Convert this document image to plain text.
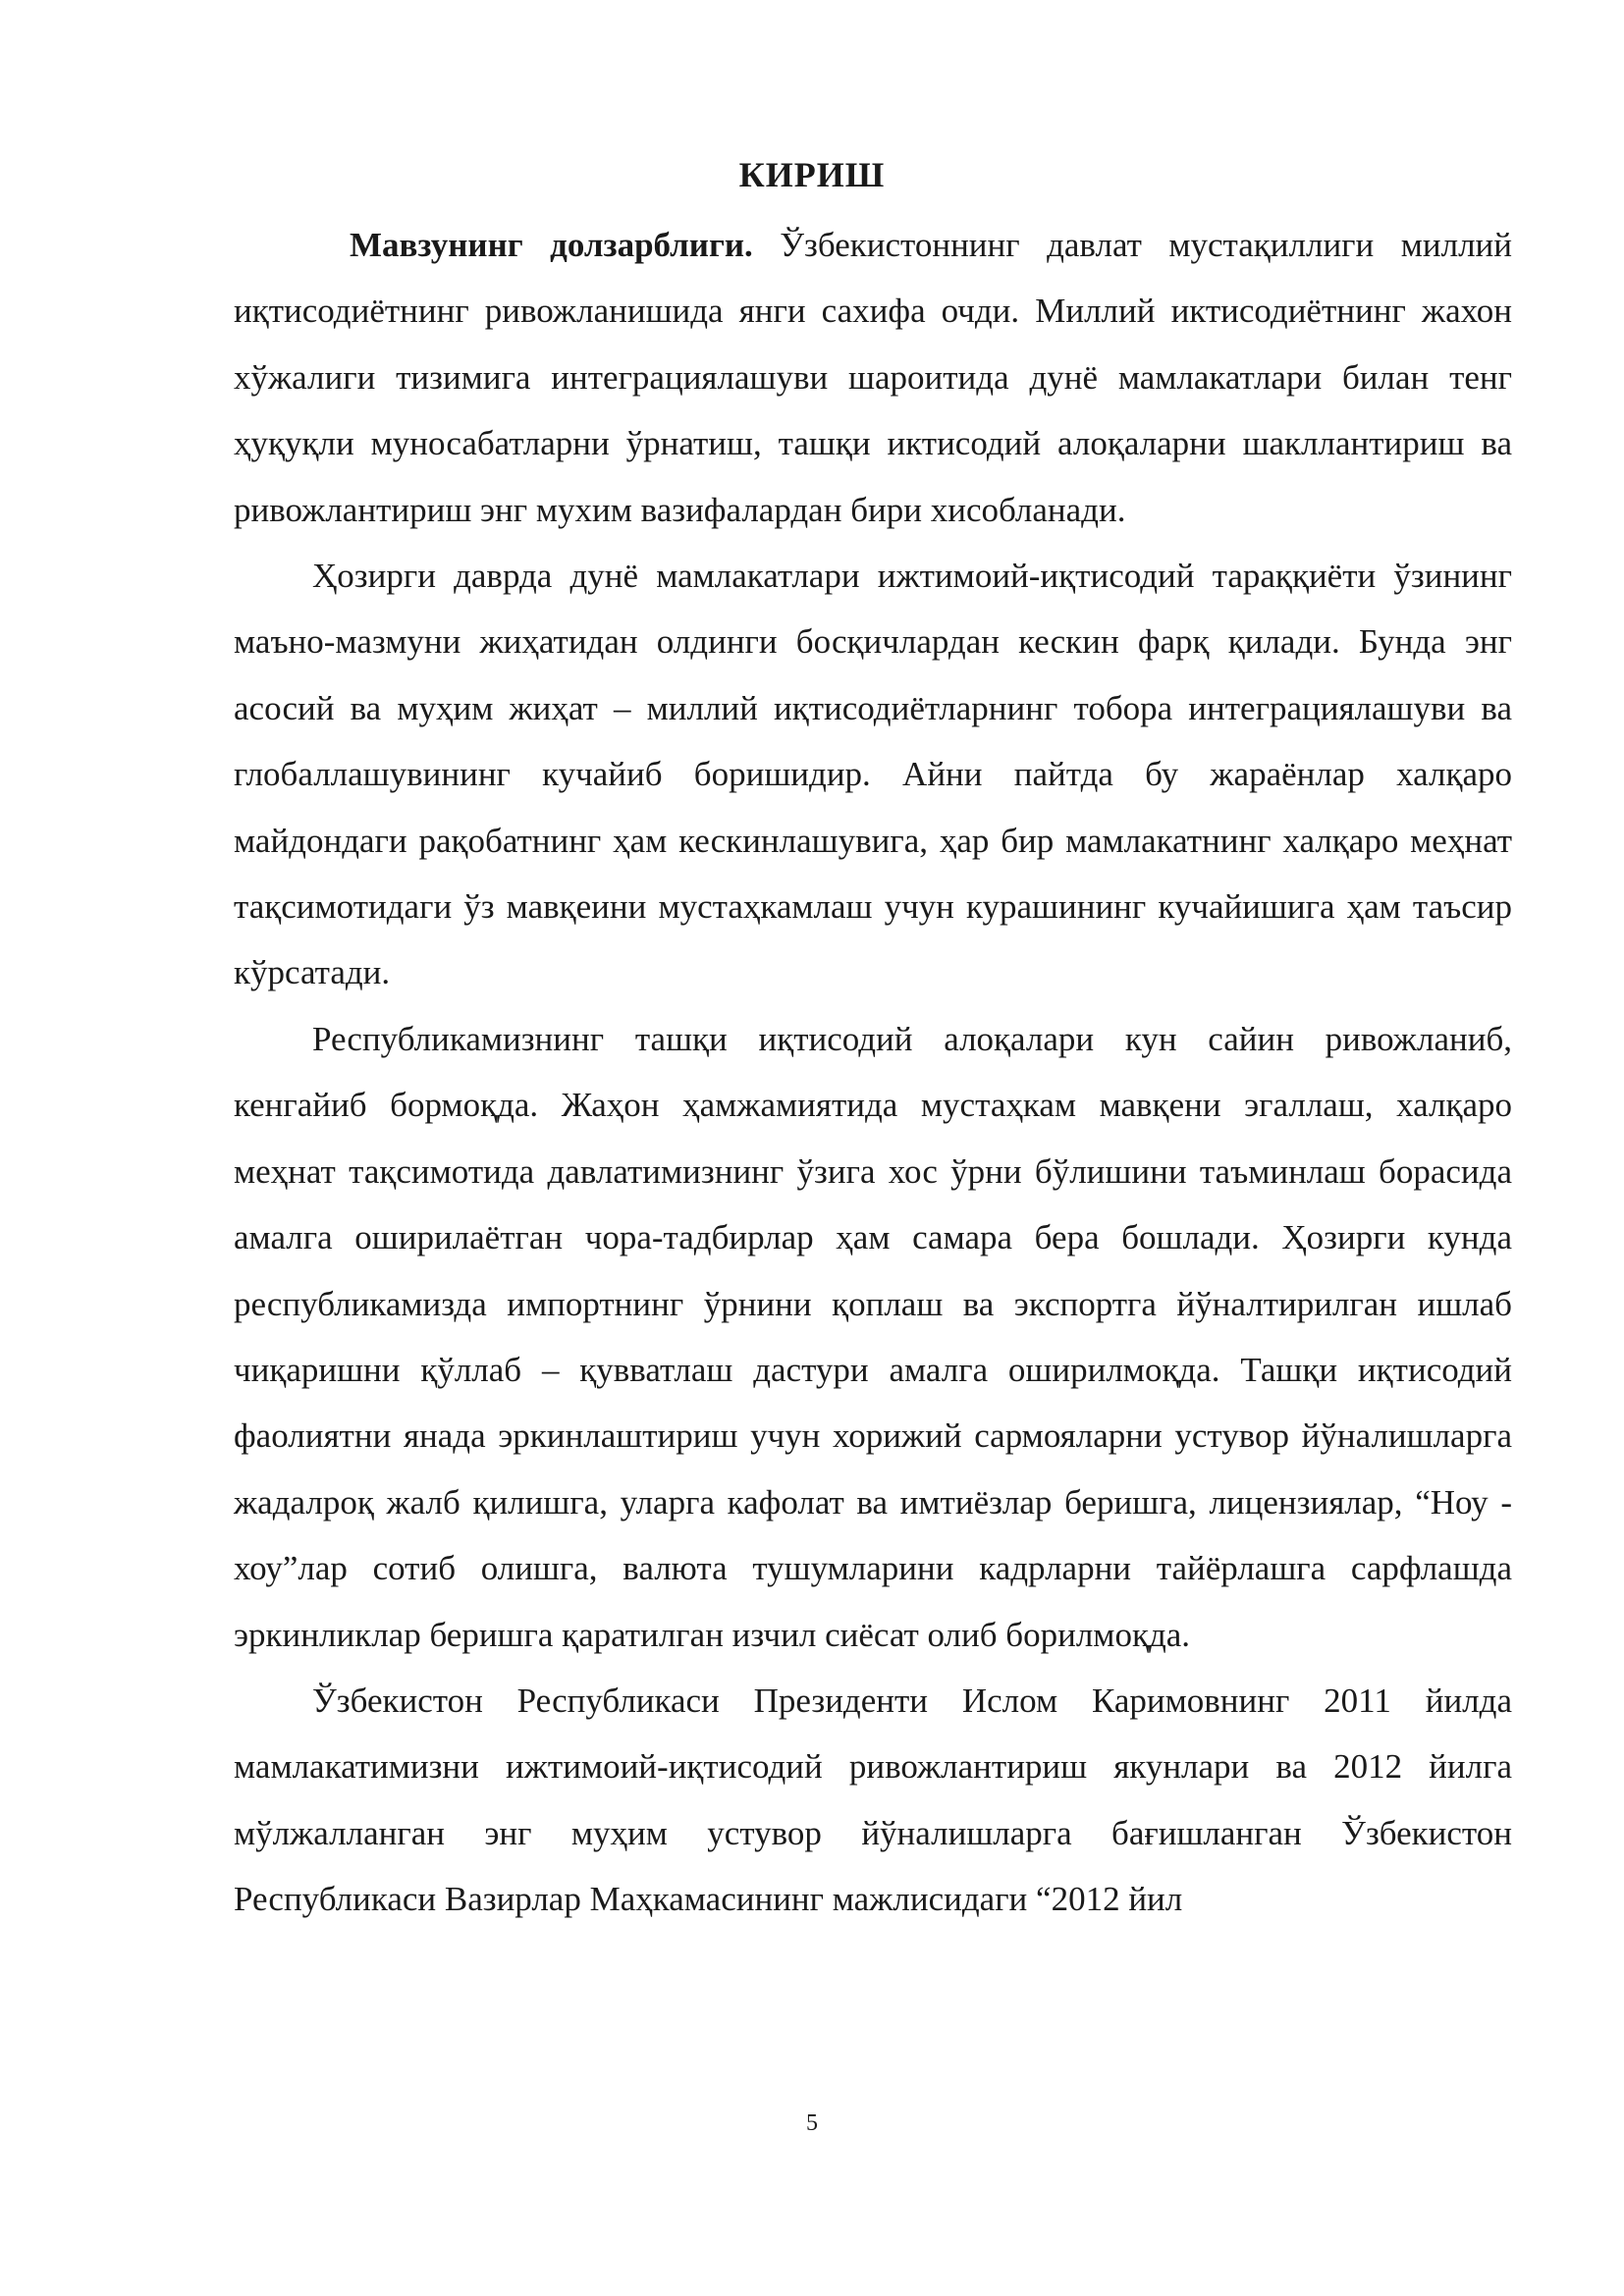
КИРИШ

Мавзунинг долзарблиги. Ўзбекистоннинг давлат мустақиллиги миллий иқтисодиётнинг ривожланишида янги сахифа очди. Миллий иктисодиётнинг жахон хўжалиги тизимига интеграциялашуви шароитида дунё мамлакатлари билан тенг ҳуқуқли муносабатларни ўрнатиш, ташқи иктисодий алоқаларни шакллантириш ва ривожлантириш энг мухим вазифалардан бири хисобланади.

Ҳозирги даврда дунё мамлакатлари ижтимоий-иқтисодий тараққиёти ўзининг маъно-мазмуни жиҳатидан олдинги босқичлардан кескин фарқ қилади. Бунда энг асосий ва муҳим жиҳат – миллий иқтисодиётларнинг тобора интеграциялашуви ва глобаллашувининг кучайиб боришидир. Айни пайтда бу жараёнлар халқаро майдондаги рақобатнинг ҳам кескинлашувига, ҳар бир мамлакатнинг халқаро меҳнат тақсимотидаги ўз мавқеини мустаҳкамлаш учун курашининг кучайишига ҳам таъсир кўрсатади.

Республикамизнинг ташқи иқтисодий алоқалари кун сайин ривожланиб, кенгайиб бормоқда. Жаҳон ҳамжамиятида мустаҳкам мавқени эгаллаш, халқаро меҳнат тақсимотида давлатимизнинг ўзига хос ўрни бўлишини таъминлаш борасида амалга оширилаётган чора-тадбирлар ҳам самара бера бошлади. Ҳозирги кунда республикамизда импортнинг ўрнини қоплаш ва экспортга йўналтирилган ишлаб чиқаришни қўллаб – қувватлаш дастури амалга оширилмоқда. Ташқи иқтисодий фаолиятни янада эркинлаштириш учун хорижий сармояларни устувор йўналишларга жадалроқ жалб қилишга, уларга кафолат ва имтиёзлар беришга, лицензиялар, “Ноу - хоу”лар сотиб олишга, валюта тушумларини кадрларни тайёрлашга сарфлашда эркинликлар беришга қаратилган изчил сиёсат олиб борилмоқда.

Ўзбекистон Республикаси Президенти Ислом Каримовнинг 2011 йилда мамлакатимизни ижтимоий-иқтисодий ривожлантириш якунлари ва 2012 йилга мўлжалланган энг муҳим устувор йўналишларга бағишланган Ўзбекистон Республикаси Вазирлар Маҳкамасининг мажлисидаги “2012 йил

5
